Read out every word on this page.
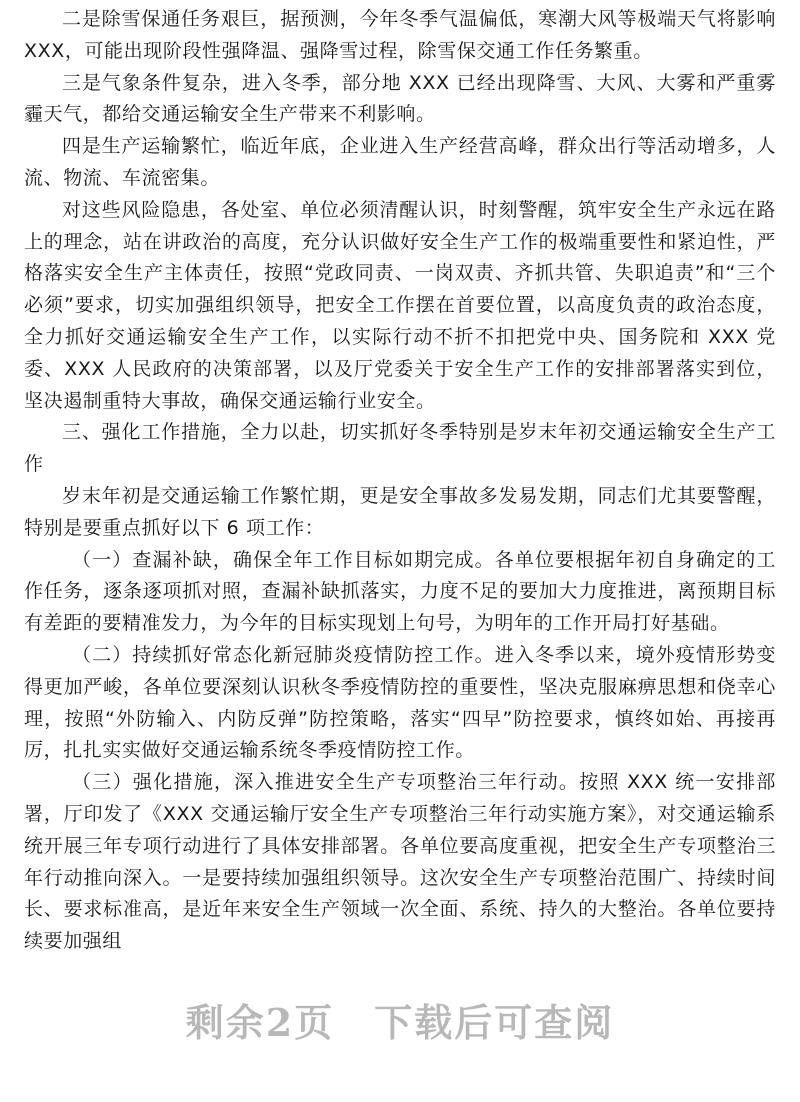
二是除雪保通任务艰巨，据预测，今年冬季气温偏低，寒潮大风等极端天气将影响XXX，可能出现阶段性强降温、强降雪过程，除雪保交通工作任务繁重。

三是气象条件复杂，进入冬季，部分地 XXX 已经出现降雪、大风、大雾和严重雾霾天气，都给交通运输安全生产带来不利影响。

四是生产运输繁忙，临近年底，企业进入生产经营高峰，群众出行等活动增多，人流、物流、车流密集。

对这些风险隐患，各处室、单位必须清醒认识，时刻警醒，筑牢安全生产永远在路上的理念，站在讲政治的高度，充分认识做好安全生产工作的极端重要性和紧迫性，严格落实安全生产主体责任，按照“党政同责、一岗双责、齐抓共管、失职追责”和“三个必须”要求，切实加强组织领导，把安全工作摆在首要位置，以高度负责的政治态度，全力抓好交通运输安全生产工作，以实际行动不折不扣把党中央、国务院和 XXX 党委、XXX 人民政府的决策部署，以及厅党委关于安全生产工作的安排部署落实到位，坚决遏制重特大事故，确保交通运输行业安全。

三、强化工作措施，全力以赴，切实抓好冬季特别是岁末年初交通运输安全生产工作

岁末年初是交通运输工作繁忙期，更是安全事故多发易发期，同志们尤其要警醒，特别是要重点抓好以下 6 项工作：

（一）查漏补缺，确保全年工作目标如期完成。各单位要根据年初自身确定的工作任务，逐条逐项抓对照，查漏补缺抓落实，力度不足的要加大力度推进，离预期目标有差距的要精准发力，为今年的目标实现划上句号，为明年的工作开局打好基础。

（二）持续抓好常态化新冠肺炎疫情防控工作。进入冬季以来，境外疫情形势变得更加严峻，各单位要深刻认识秋冬季疫情防控的重要性，坚决克服麻痹思想和侥幸心理，按照“外防输入、内防反弹”防控策略，落实“四早”防控要求，慎终如始、再接再厉，扎扎实实做好交通运输系统冬季疫情防控工作。

（三）强化措施，深入推进安全生产专项整治三年行动。按照 XXX 统一安排部署，厅印发了《XXX 交通运输厅安全生产专项整治三年行动实施方案》，对交通运输系统开展三年专项行动进行了具体安排部署。各单位要高度重视，把安全生产专项整治三年行动推向深入。一是要持续加强组织领导。这次安全生产专项整治范围广、持续时间长、要求标准高，是近年来安全生产领域一次全面、系统、持久的大整治。各单位要持续要加强组

剩余2页　下载后可查阅
